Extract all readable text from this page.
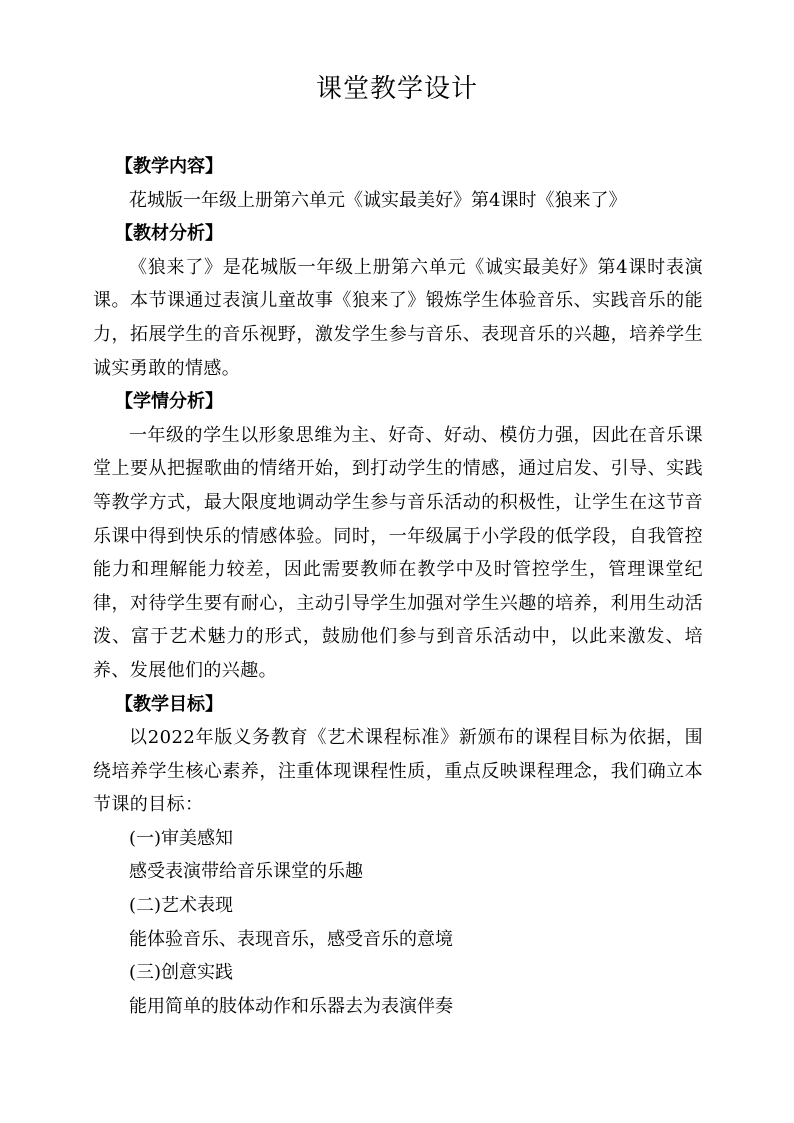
课堂教学设计
【教学内容】
花城版一年级上册第六单元《诚实最美好》第4课时《狼来了》
【教材分析】
《狼来了》是花城版一年级上册第六单元《诚实最美好》第4课时表演课。本节课通过表演儿童故事《狼来了》锻炼学生体验音乐、实践音乐的能力，拓展学生的音乐视野，激发学生参与音乐、表现音乐的兴趣，培养学生诚实勇敢的情感。
【学情分析】
一年级的学生以形象思维为主、好奇、好动、模仿力强，因此在音乐课堂上要从把握歌曲的情绪开始，到打动学生的情感，通过启发、引导、实践等教学方式，最大限度地调动学生参与音乐活动的积极性，让学生在这节音乐课中得到快乐的情感体验。同时，一年级属于小学段的低学段，自我管控能力和理解能力较差，因此需要教师在教学中及时管控学生，管理课堂纪律，对待学生要有耐心，主动引导学生加强对学生兴趣的培养，利用生动活泼、富于艺术魅力的形式，鼓励他们参与到音乐活动中，以此来激发、培养、发展他们的兴趣。
【教学目标】
以2022年版义务教育《艺术课程标准》新颁布的课程目标为依据，围绕培养学生核心素养，注重体现课程性质，重点反映课程理念，我们确立本节课的目标：
(一)审美感知
感受表演带给音乐课堂的乐趣
(二)艺术表现
能体验音乐、表现音乐，感受音乐的意境
(三)创意实践
能用简单的肢体动作和乐器去为表演伴奏
